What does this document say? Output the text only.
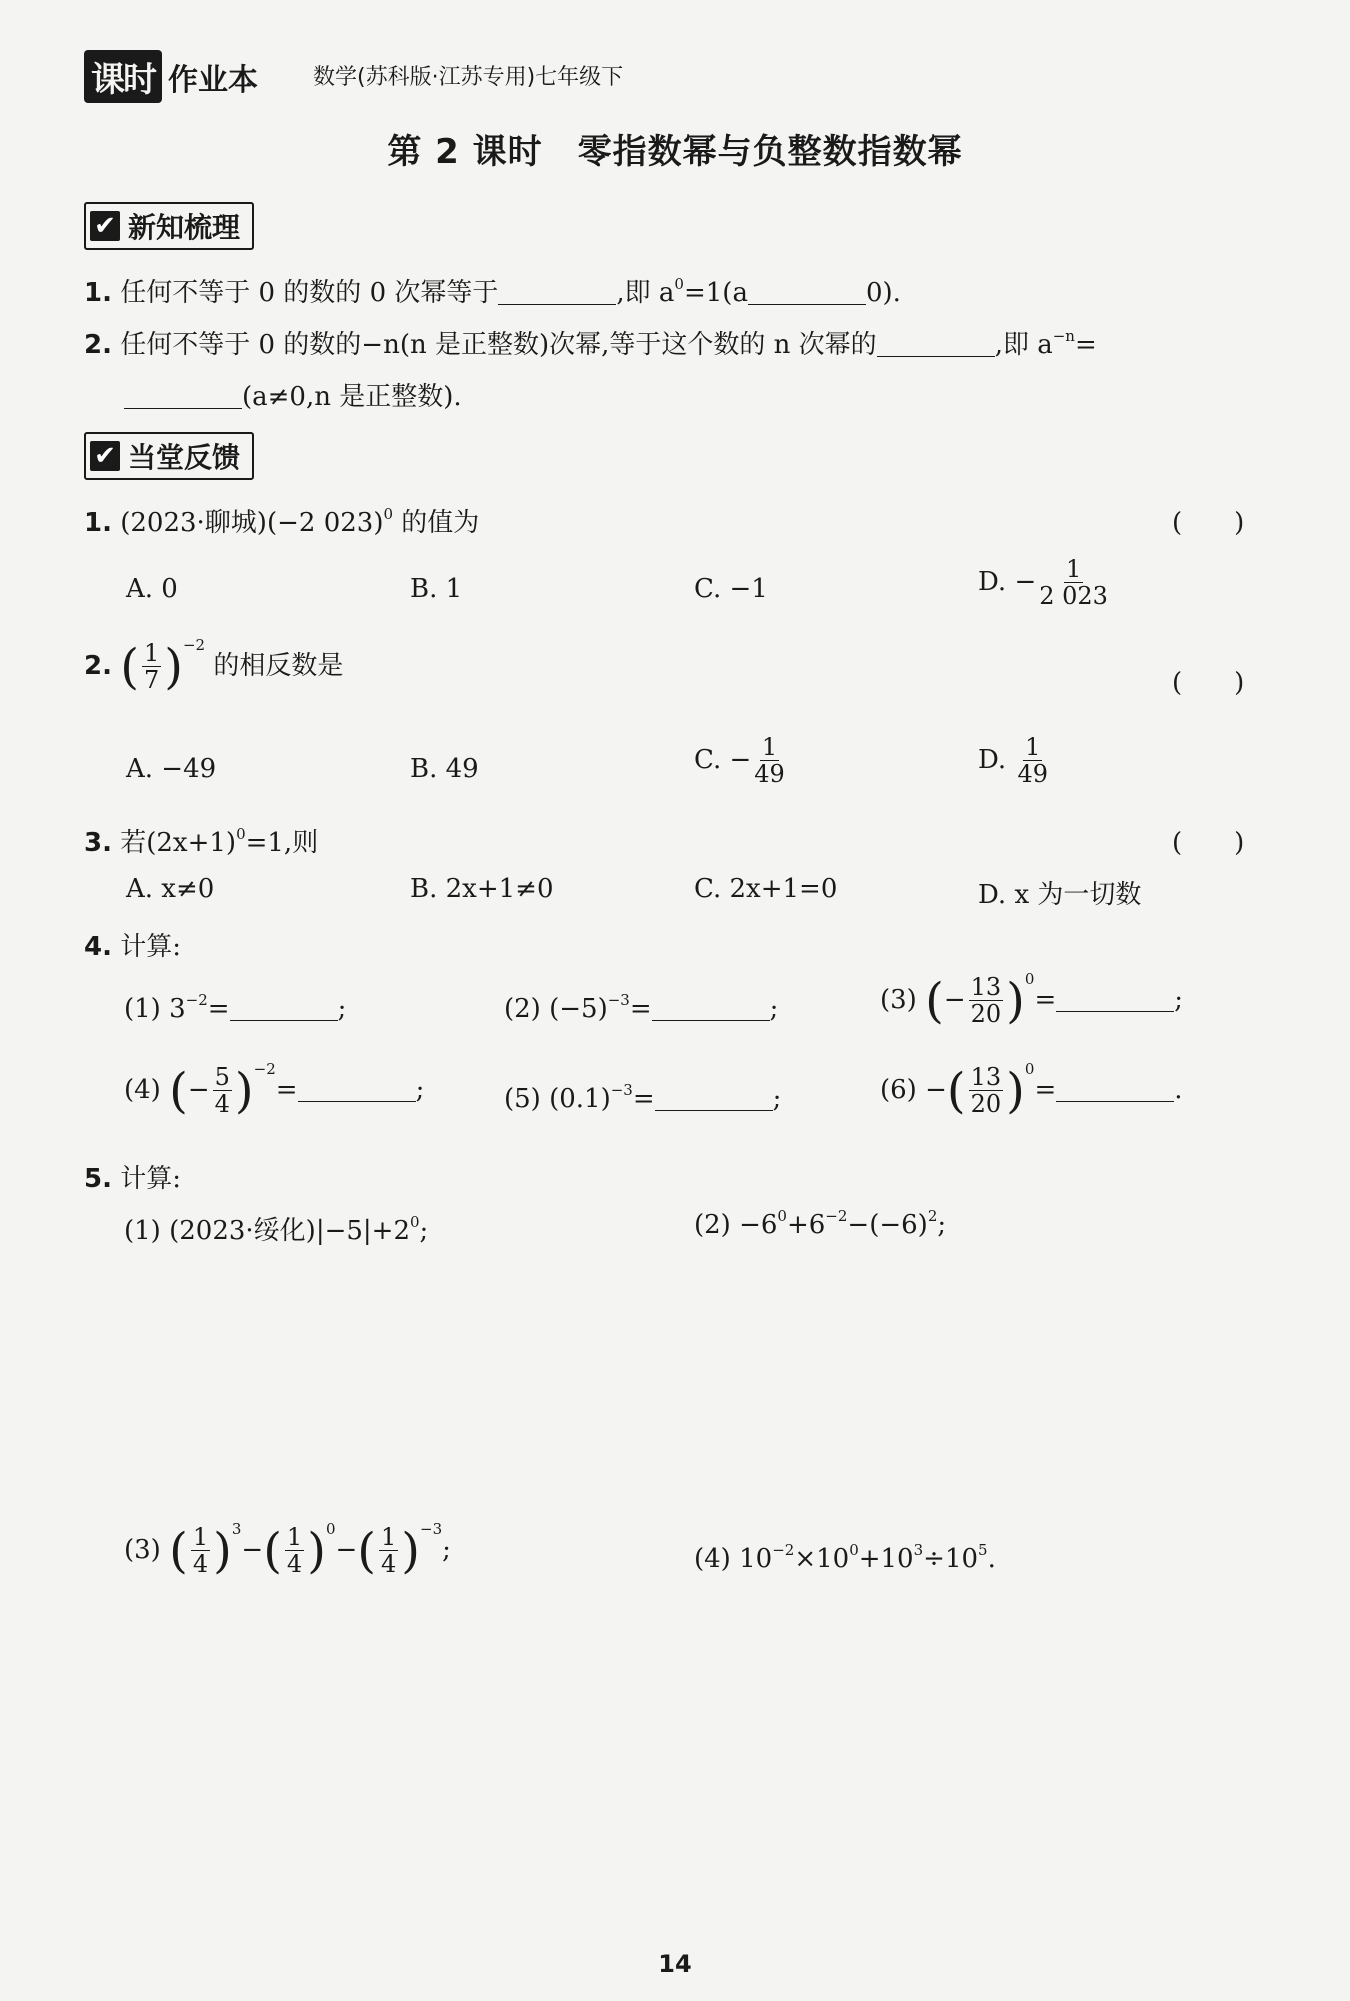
课时 作业本	数学(苏科版·江苏专用)七年级下
第 2 课时　零指数幂与负整数指数幂
✔ 新知梳理
1. 任何不等于 0 的数的 0 次幂等于	,即 $a^0=1(a$	0).
2. 任何不等于 0 的数的−n(n 是正整数)次幂,等于这个数的 n 次幂的	,即 $a^{-n}=$
(a≠0,n 是正整数).
✔ 当堂反馈
1. (2023·聊城)(−2 023)$^0$ 的值为	(　　)
A. 0	B. 1	C. −1	D. − $\frac{1}{2 023}$
2. ( $\frac{1}{7} )^{-2}$ 的相反数是
(　　)
A. −49	B. 49	C. − $\frac{1}{49}$	D. $\frac{1}{49}$
3. 若$(2x+1)^0=1$,则	(　　)
A. x≠0	B. 2x+1≠0	C. 2x+1=0	D. x 为一切数
4. 计算:
(1) $3^{-2}=$	;	(2) $(-5)^{-3}=$	;	(3) (− $\frac{13}{20} )^0=$	;
(4) (− $\frac{5}{4} )^{-2}=$	;	(5) $(0.1)^{-3}=$	;	(6) −( $\frac{13}{20} )^0=$	.
5. 计算:
(1) (2023·绥化)$|-5|+2^0$;	$(2) -6^0+6^{-2}-(-6)^2$;
(3) ( $\frac{1}{4} )^3-( \frac{1}{4} )^0-( \frac{1}{4} )^{-3}$;	(4) $10^{-2}\times 10^0+10^3\div 10^5$.
14
